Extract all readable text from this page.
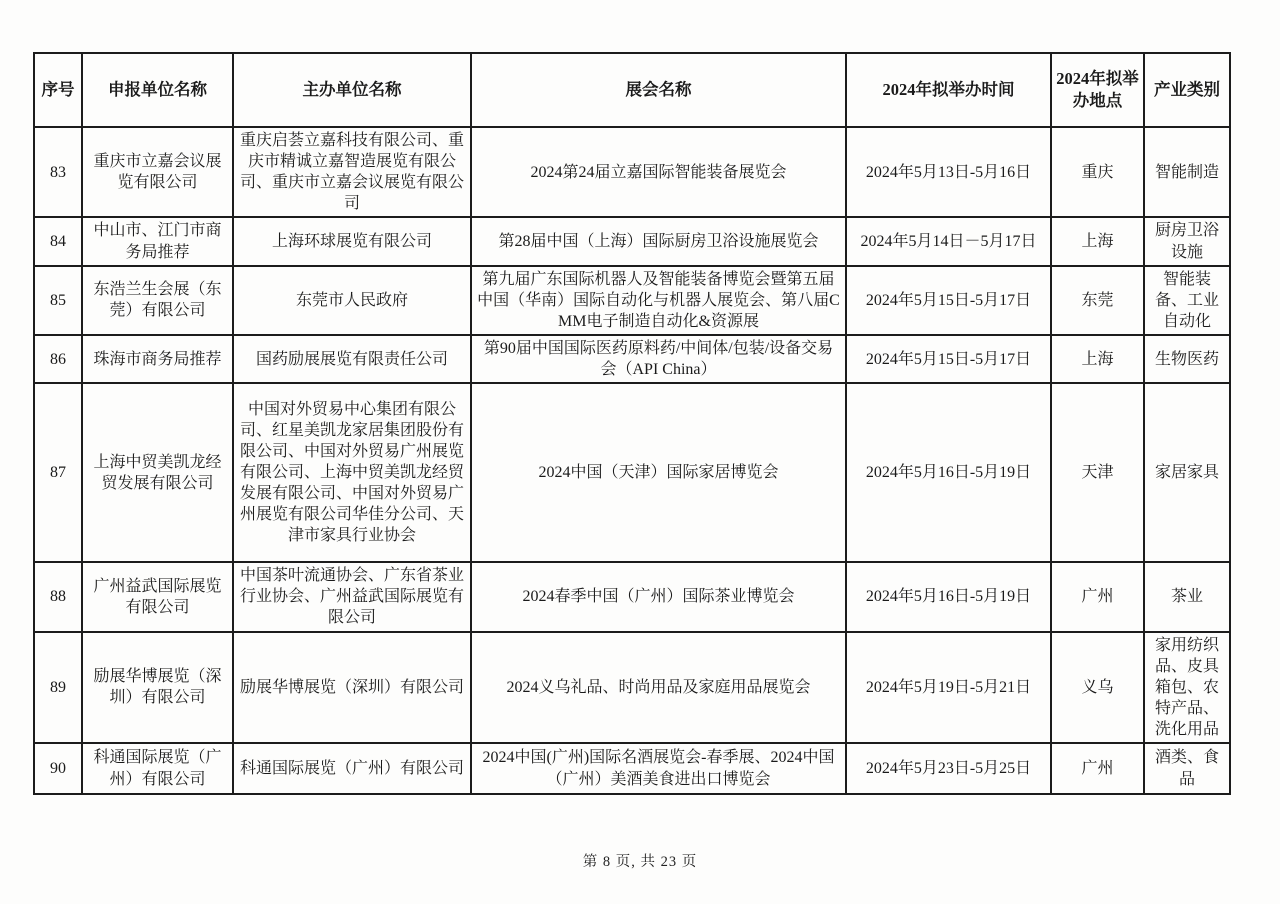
序号	申报单位名称	主办单位名称	展会名称	2024年拟举办时间	2024年拟举办地点	产业类别
83	重庆市立嘉会议展览有限公司	重庆启荟立嘉科技有限公司、重庆市精诚立嘉智造展览有限公司、重庆市立嘉会议展览有限公司	2024第24届立嘉国际智能装备展览会	2024年5月13日-5月16日	重庆	智能制造
84	中山市、江门市商务局推荐	上海环球展览有限公司	第28届中国（上海）国际厨房卫浴设施展览会	2024年5月14日－5月17日	上海	厨房卫浴设施
85	东浩兰生会展（东莞）有限公司	东莞市人民政府	第九届广东国际机器人及智能装备博览会暨第五届中国（华南）国际自动化与机器人展览会、第八届CMM电子制造自动化&资源展	2024年5月15日-5月17日	东莞	智能装备、工业自动化
86	珠海市商务局推荐	国药励展展览有限责任公司	第90届中国国际医药原料药/中间体/包装/设备交易会（API China）	2024年5月15日-5月17日	上海	生物医药
87	上海中贸美凯龙经贸发展有限公司	中国对外贸易中心集团有限公司、红星美凯龙家居集团股份有限公司、中国对外贸易广州展览有限公司、上海中贸美凯龙经贸发展有限公司、中国对外贸易广州展览有限公司华佳分公司、天津市家具行业协会	2024中国（天津）国际家居博览会	2024年5月16日-5月19日	天津	家居家具
88	广州益武国际展览有限公司	中国茶叶流通协会、广东省茶业行业协会、广州益武国际展览有限公司	2024春季中国（广州）国际茶业博览会	2024年5月16日-5月19日	广州	茶业
89	励展华博展览（深圳）有限公司	励展华博展览（深圳）有限公司	2024义乌礼品、时尚用品及家庭用品展览会	2024年5月19日-5月21日	义乌	家用纺织品、皮具箱包、农特产品、洗化用品
90	科通国际展览（广州）有限公司	科通国际展览（广州）有限公司	2024中国(广州)国际名酒展览会-春季展、2024中国（广州）美酒美食进出口博览会	2024年5月23日-5月25日	广州	酒类、食品
第 8 页, 共 23 页
